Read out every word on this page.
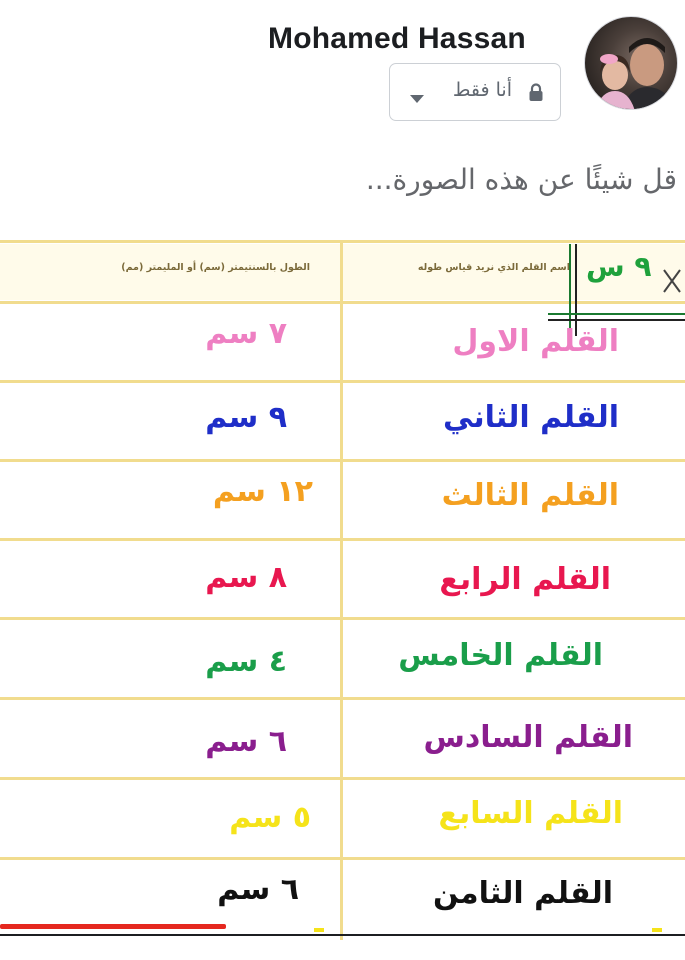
Mohamed Hassan
أنا فقط
قل شيئًا عن هذه الصورة...
اسم القلم الذي نريد قياس طوله
الطول بالسنتيمتر (سم) أو المليمتر (مم)	٩ س
القلم الاول
٧ سم
القلم الثاني
٩ سم
القلم الثالث
١٢ سم
القلم الرابع
٨ سم
القلم الخامس
٤ سم
القلم السادس
٦ سم
القلم السابع
٥ سم
القلم الثامن
٦ سم
